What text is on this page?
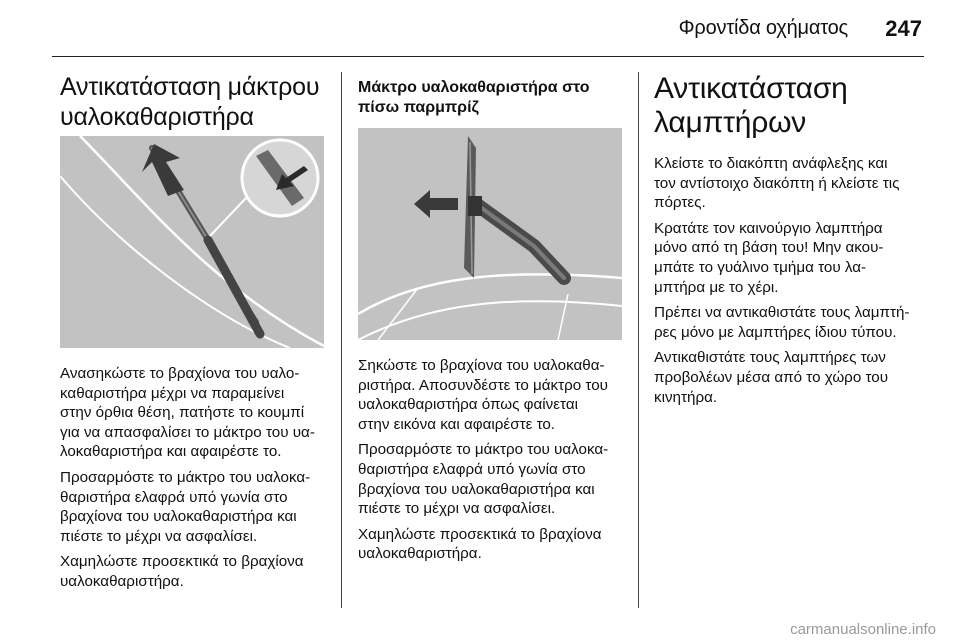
Φροντίδα οχήματος 247
Αντικατάσταση μάκτρου υαλοκαθαριστήρα

Ανασηκώστε το βραχίονα του υαλο-
καθαριστήρα μέχρι να παραμείνει
στην όρθια θέση, πατήστε το κουμπί
για να απασφαλίσει το μάκτρο του υα-
λοκαθαριστήρα και αφαιρέστε το.

Προσαρμόστε το μάκτρο του υαλοκα-
θαριστήρα ελαφρά υπό γωνία στο
βραχίονα του υαλοκαθαριστήρα και
πιέστε το μέχρι να ασφαλίσει.

Χαμηλώστε προσεκτικά το βραχίονα
υαλοκαθαριστήρα.

Μάκτρο υαλοκαθαριστήρα στο πίσω παρμπρίζ

Σηκώστε το βραχίονα του υαλοκαθα-
ριστήρα. Αποσυνδέστε το μάκτρο του
υαλοκαθαριστήρα όπως φαίνεται
στην εικόνα και αφαιρέστε το.

Προσαρμόστε το μάκτρο του υαλοκα-
θαριστήρα ελαφρά υπό γωνία στο
βραχίονα του υαλοκαθαριστήρα και
πιέστε το μέχρι να ασφαλίσει.

Χαμηλώστε προσεκτικά το βραχίονα
υαλοκαθαριστήρα.

Αντικατάσταση λαμπτήρων

Κλείστε το διακόπτη ανάφλεξης και
τον αντίστοιχο διακόπτη ή κλείστε τις
πόρτες.

Κρατάτε τον καινούργιο λαμπτήρα
μόνο από τη βάση του! Μην ακου-
μπάτε το γυάλινο τμήμα του λα-
μπτήρα με το χέρι.

Πρέπει να αντικαθιστάτε τους λαμπτή-
ρες μόνο με λαμπτήρες ίδιου τύπου.

Αντικαθιστάτε τους λαμπτήρες των
προβολέων μέσα από το χώρο του
κινητήρα.

carmanualsonline.info
